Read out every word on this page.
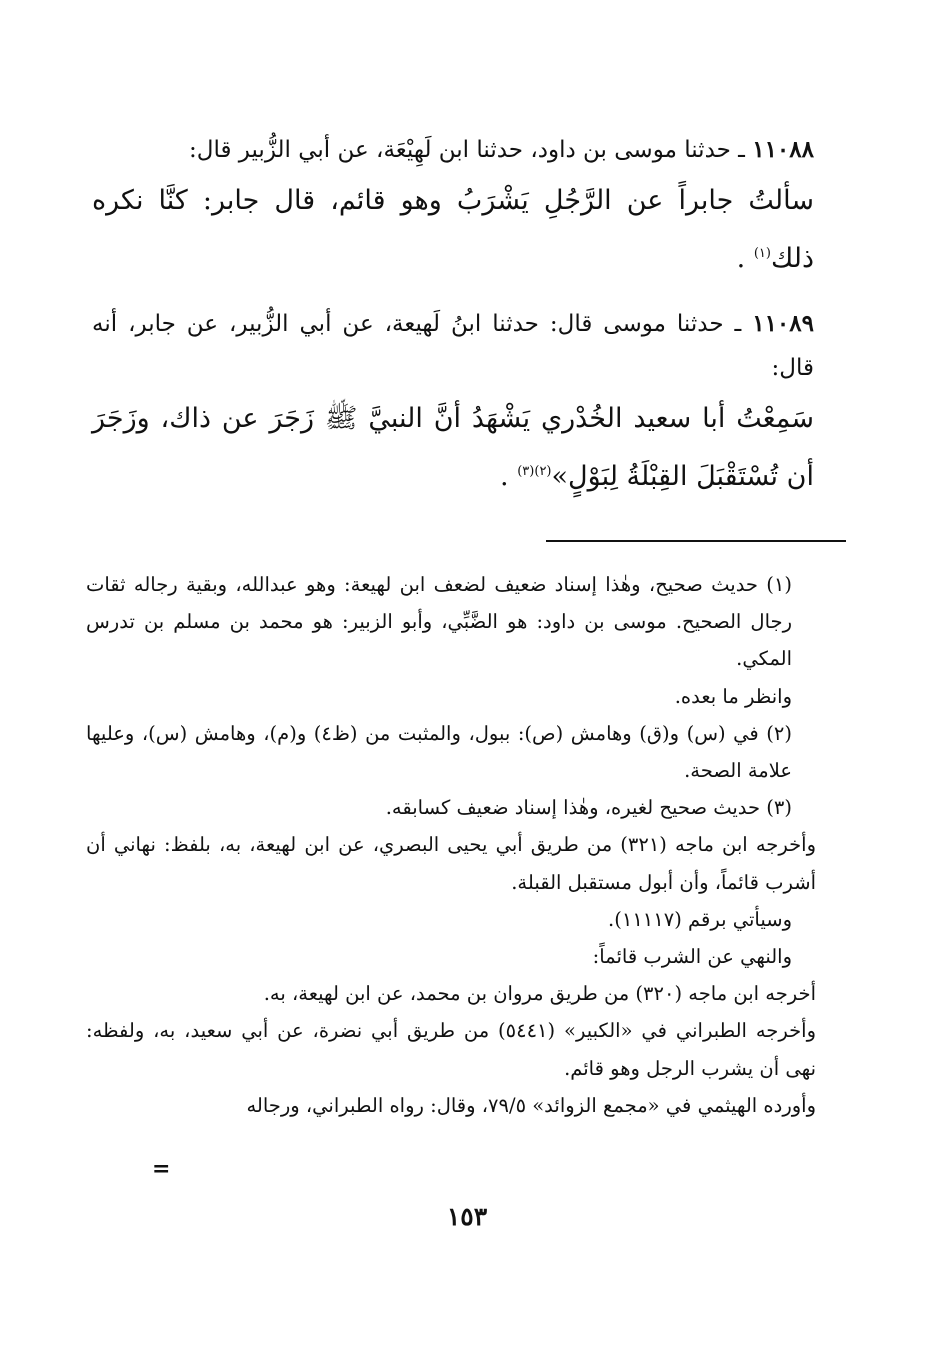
١١٠٨٨ ـ حدثنا موسى بن داود، حدثنا ابن لَهِيْعَة، عن أبي الزُّبير قال:

سألتُ جابراً عن الرَّجُلِ يَشْرَبُ وهو قائم، قال جابر: كنَّا نكره ذلك$^{(١)}$ .

١١٠٨٩ ـ حدثنا موسى قال: حدثنا ابنُ لَهيعة، عن أبي الزُّبير، عن جابر، أنه قال:

سَمِعْتُ أبا سعيد الخُدْري يَشْهَدُ أنَّ النبيَّ ﷺ زَجَرَ عن ذاك، وزَجَرَ أن تُسْتَقْبَلَ القِبْلَةُ لِبَوْلٍ»$^{(٢)(٣)}$ .

(١) حديث صحيح، وهٰذا إسناد ضعيف لضعف ابن لهيعة: وهو عبدالله، وبقية رجاله ثقات رجال الصحيح. موسى بن داود: هو الضَّبِّي، وأبو الزبير: هو محمد بن مسلم بن تدرس المكي.

وانظر ما بعده.

(٢) في (س) و(ق) وهامش (ص): ببول، والمثبت من (ظ٤) و(م)، وهامش (س)، وعليها علامة الصحة.

(٣) حديث صحيح لغيره، وهٰذا إسناد ضعيف كسابقه.

وأخرجه ابن ماجه (٣٢١) من طريق أبي يحيى البصري، عن ابن لهيعة، به، بلفظ: نهاني أن أشرب قائماً، وأن أبول مستقبل القبلة.

وسيأتي برقم (١١١١٧).

والنهي عن الشرب قائماً:

أخرجه ابن ماجه (٣٢٠) من طريق مروان بن محمد، عن ابن لهيعة، به.

وأخرجه الطبراني في «الكبير» (٥٤٤١) من طريق أبي نضرة، عن أبي سعيد، به، ولفظه: نهى أن يشرب الرجل وهو قائم.

وأورده الهيثمي في «مجمع الزوائد» ٧٩/٥، وقال: رواه الطبراني، ورجاله

=
١٥٣
